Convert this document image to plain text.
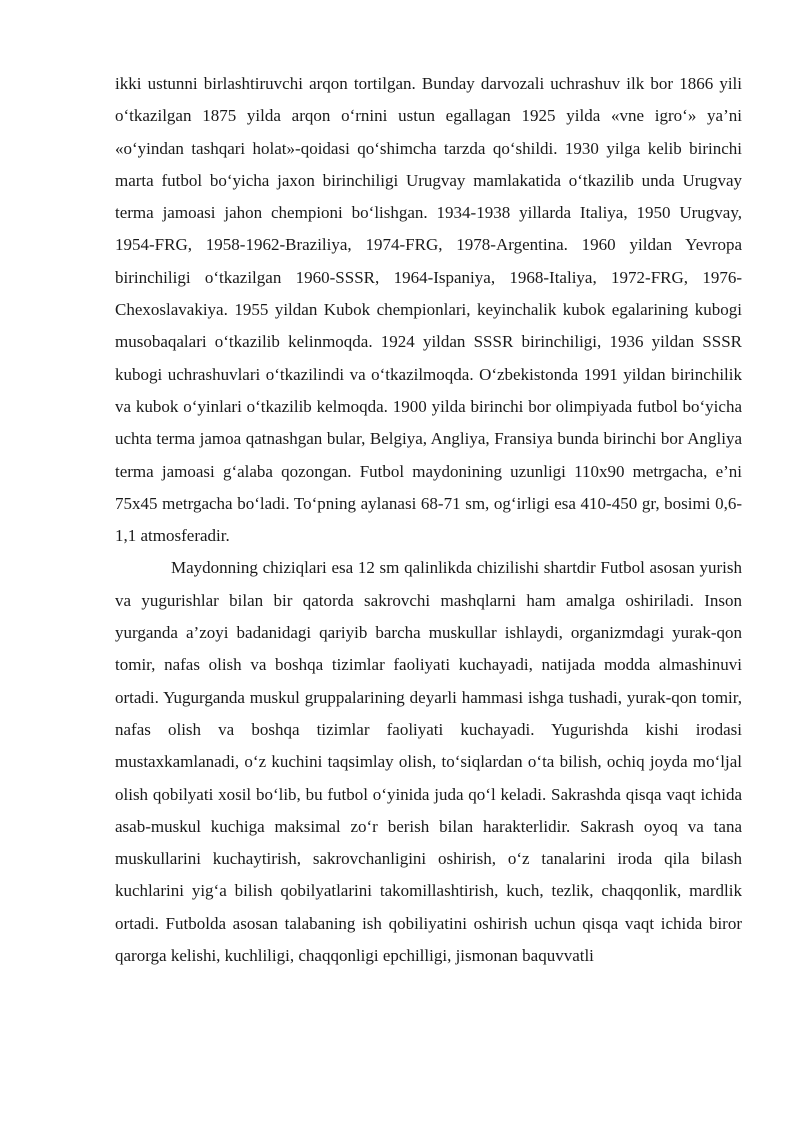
ikki ustunni birlashtiruvchi arqon tortilgan. Bunday darvozali uchrashuv ilk bor 1866 yili o‘tkazilgan 1875 yilda arqon o‘rnini ustun egallagan 1925 yilda «vne igro‘» ya’ni «o‘yindan tashqari holat»-qoidasi qo‘shimcha tarzda qo‘shildi. 1930 yilga kelib birinchi marta futbol bo‘yicha jaxon birinchiligi Urugvay mamlakatida o‘tkazilib unda Urugvay terma jamoasi jahon chempioni bo‘lishgan. 1934-1938 yillarda Italiya, 1950 Urugvay, 1954-FRG, 1958-1962-Braziliya, 1974-FRG, 1978-Argentina. 1960 yildan Yevropa birinchiligi o‘tkazilgan 1960-SSSR, 1964-Ispaniya, 1968-Italiya, 1972-FRG, 1976-Chexoslavakiya. 1955 yildan Kubok chempionlari, keyinchalik kubok egalarining kubogi musobaqalari o‘tkazilib kelinmoqda. 1924 yildan SSSR birinchiligi, 1936 yildan SSSR kubogi uchrashuvlari o‘tkazilindi va o‘tkazilmoqda. O‘zbekistonda 1991 yildan birinchilik va kubok o‘yinlari o‘tkazilib kelmoqda. 1900 yilda birinchi bor olimpiyada futbol bo‘yicha uchta terma jamoa qatnashgan bular, Belgiya, Angliya, Fransiya bunda birinchi bor Angliya terma jamoasi g‘alaba qozongan. Futbol maydonining uzunligi 110x90 metrgacha, e’ni 75x45 metrgacha bo‘ladi. To‘pning aylanasi 68-71 sm, og‘irligi esa 410-450 gr, bosimi 0,6-1,1 atmosferadir.

Maydonning chiziqlari esa 12 sm qalinlikda chizilishi shartdir Futbol asosan yurish va yugurishlar bilan bir qatorda sakrovchi mashqlarni ham amalga oshiriladi. Inson yurganda a’zoyi badanidagi qariyib barcha muskullar ishlaydi, organizmdagi yurak-qon tomir, nafas olish va boshqa tizimlar faoliyati kuchayadi, natijada modda almashinuvi ortadi. Yugurganda muskul gruppalarining deyarli hammasi ishga tushadi, yurak-qon tomir, nafas olish va boshqa tizimlar faoliyati kuchayadi. Yugurishda kishi irodasi mustaxkamlanadi, o‘z kuchini taqsimlay olish, to‘siqlardan o‘ta bilish, ochiq joyda mo‘ljal olish qobilyati xosil bo‘lib, bu futbol o‘yinida juda qo‘l keladi. Sakrashda qisqa vaqt ichida asab-muskul kuchiga maksimal zo‘r berish bilan harakterlidir. Sakrash oyoq va tana muskullarini kuchaytirish, sakrovchanligini oshirish, o‘z tanalarini iroda qila bilash kuchlarini yig‘a bilish qobilyatlarini takomillashtirish, kuch, tezlik, chaqqonlik, mardlik ortadi. Futbolda asosan talabaning ish qobiliyatini oshirish uchun qisqa vaqt ichida biror qarorga kelishi, kuchliligi, chaqqonligi epchilligi, jismonan baquvvatli
